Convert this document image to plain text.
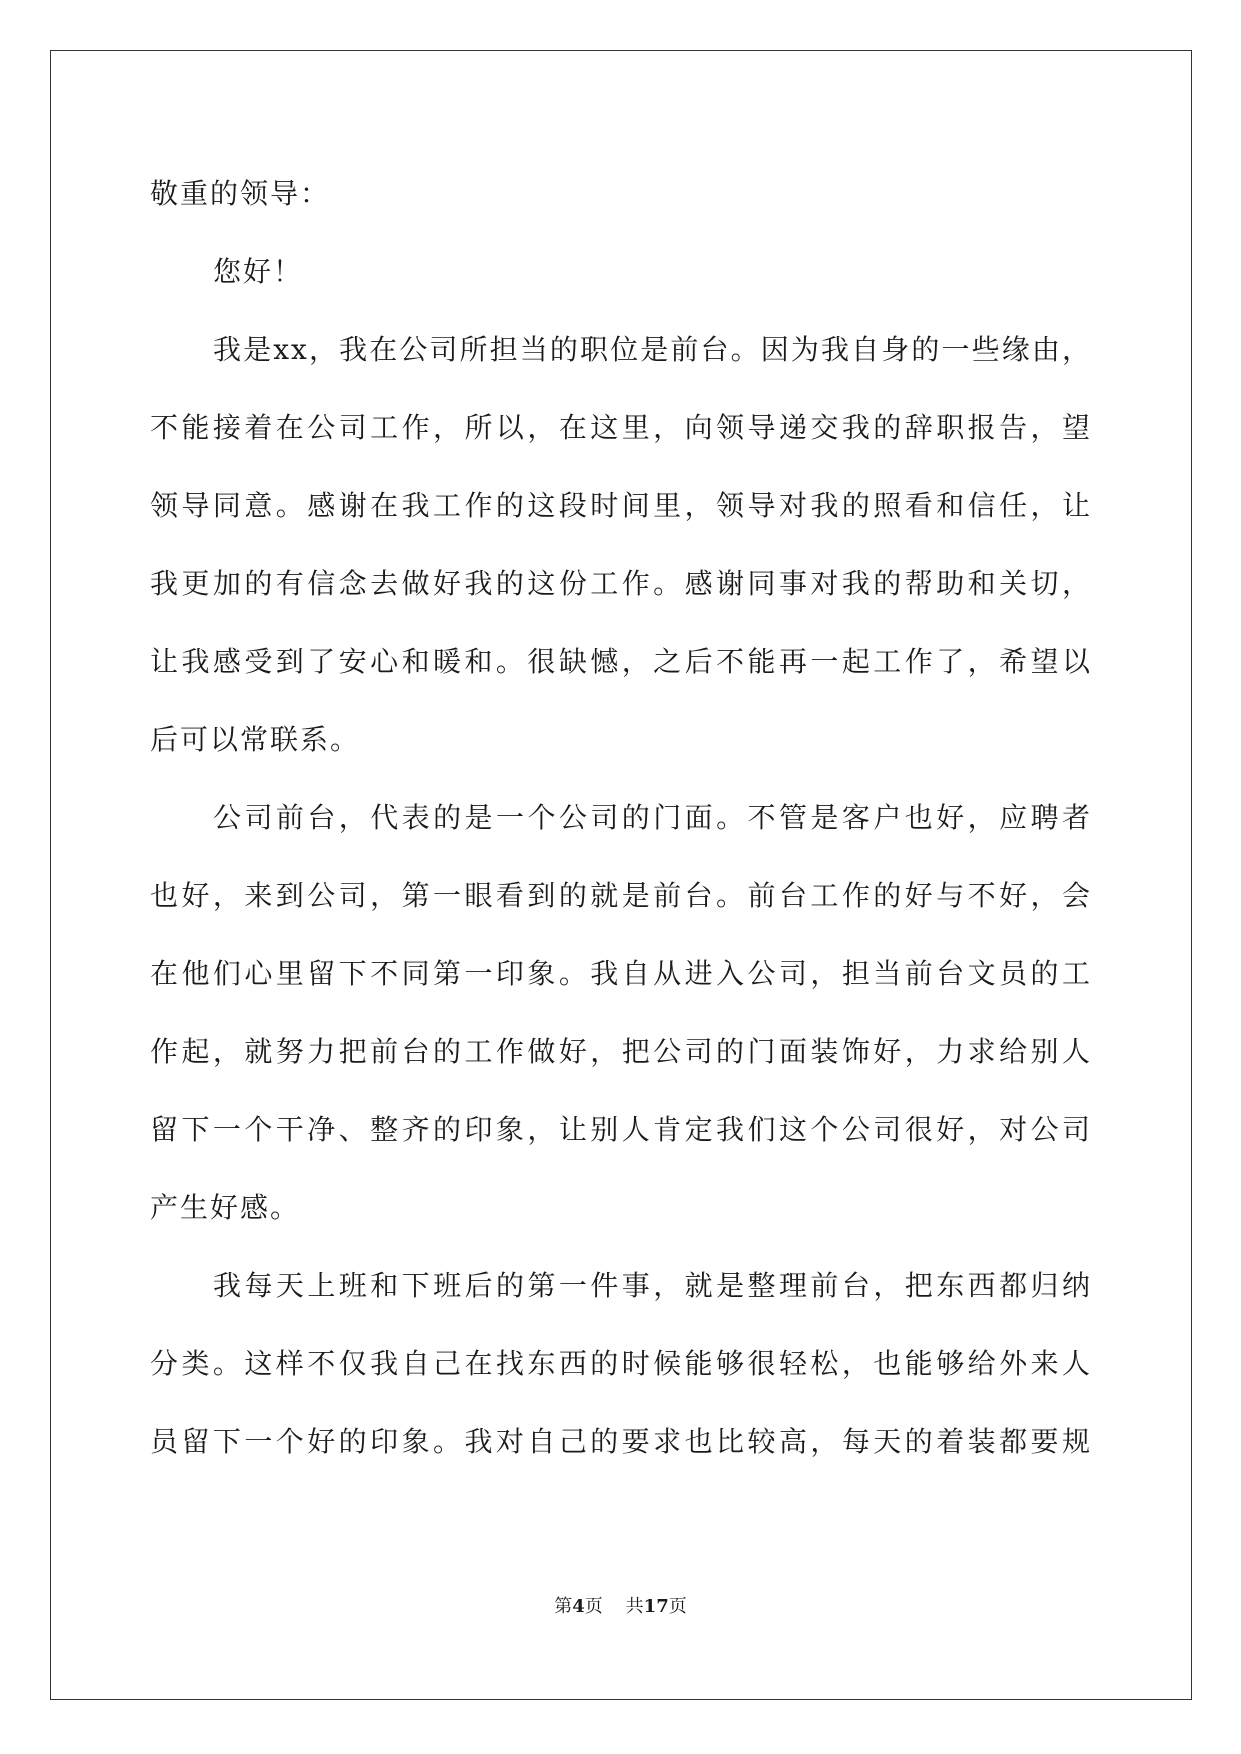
敬重的领导：
您好！
我是xx，我在公司所担当的职位是前台。因为我自身的一些缘由，
不能接着在公司工作，所以，在这里，向领导递交我的辞职报告，望
领导同意。感谢在我工作的这段时间里，领导对我的照看和信任，让
我更加的有信念去做好我的这份工作。感谢同事对我的帮助和关切，
让我感受到了安心和暖和。很缺憾，之后不能再一起工作了，希望以
后可以常联系。
公司前台，代表的是一个公司的门面。不管是客户也好，应聘者
也好，来到公司，第一眼看到的就是前台。前台工作的好与不好，会
在他们心里留下不同第一印象。我自从进入公司，担当前台文员的工
作起，就努力把前台的工作做好，把公司的门面装饰好，力求给别人
留下一个干净、整齐的印象，让别人肯定我们这个公司很好，对公司
产生好感。
我每天上班和下班后的第一件事，就是整理前台，把东西都归纳
分类。这样不仅我自己在找东西的时候能够很轻松，也能够给外来人
员留下一个好的印象。我对自己的要求也比较高，每天的着装都要规
第4页 共17页
